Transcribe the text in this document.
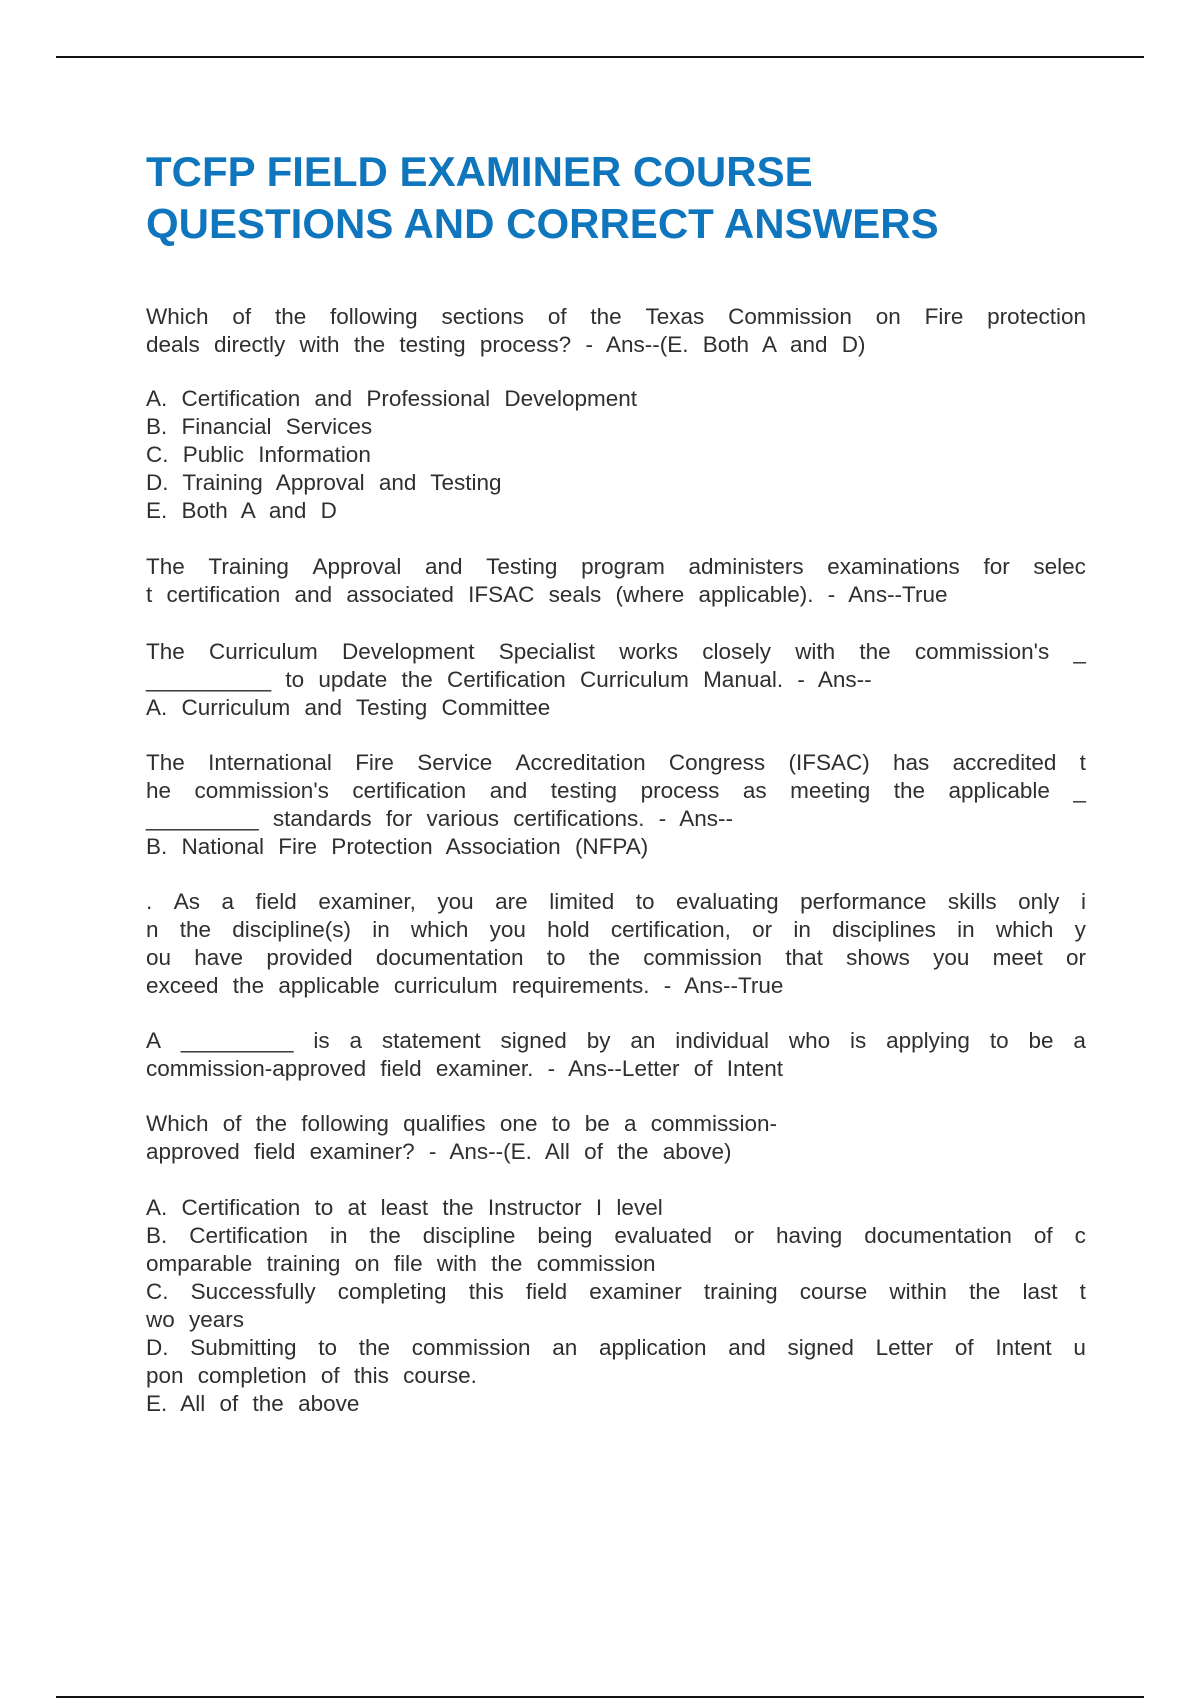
TCFP FIELD EXAMINER COURSE
QUESTIONS AND CORRECT ANSWERS
Which of the following sections of the Texas Commission on Fire protection
deals directly with the testing process? - Ans--(E. Both A and D)
A. Certification and Professional Development
B. Financial Services
C. Public Information
D. Training Approval and Testing
E. Both A and D
The Training Approval and Testing program administers examinations for selec
t certification and associated IFSAC seals (where applicable). - Ans--True
The Curriculum Development Specialist works closely with the commission's _
__________ to update the Certification Curriculum Manual. - Ans--
A. Curriculum and Testing Committee
The International Fire Service Accreditation Congress (IFSAC) has accredited t
he commission's certification and testing process as meeting the applicable _
_________ standards for various certifications. - Ans--
B. National Fire Protection Association (NFPA)
. As a field examiner, you are limited to evaluating performance skills only i
n the discipline(s) in which you hold certification, or in disciplines in which y
ou have provided documentation to the commission that shows you meet or
exceed the applicable curriculum requirements. - Ans--True
A _________ is a statement signed by an individual who is applying to be a
commission-approved field examiner. - Ans--Letter of Intent
Which of the following qualifies one to be a commission-
approved field examiner? - Ans--(E. All of the above)
A. Certification to at least the Instructor I level
B. Certification in the discipline being evaluated or having documentation of c
omparable training on file with the commission
C. Successfully completing this field examiner training course within the last t
wo years
D. Submitting to the commission an application and signed Letter of Intent u
pon completion of this course.
E. All of the above
